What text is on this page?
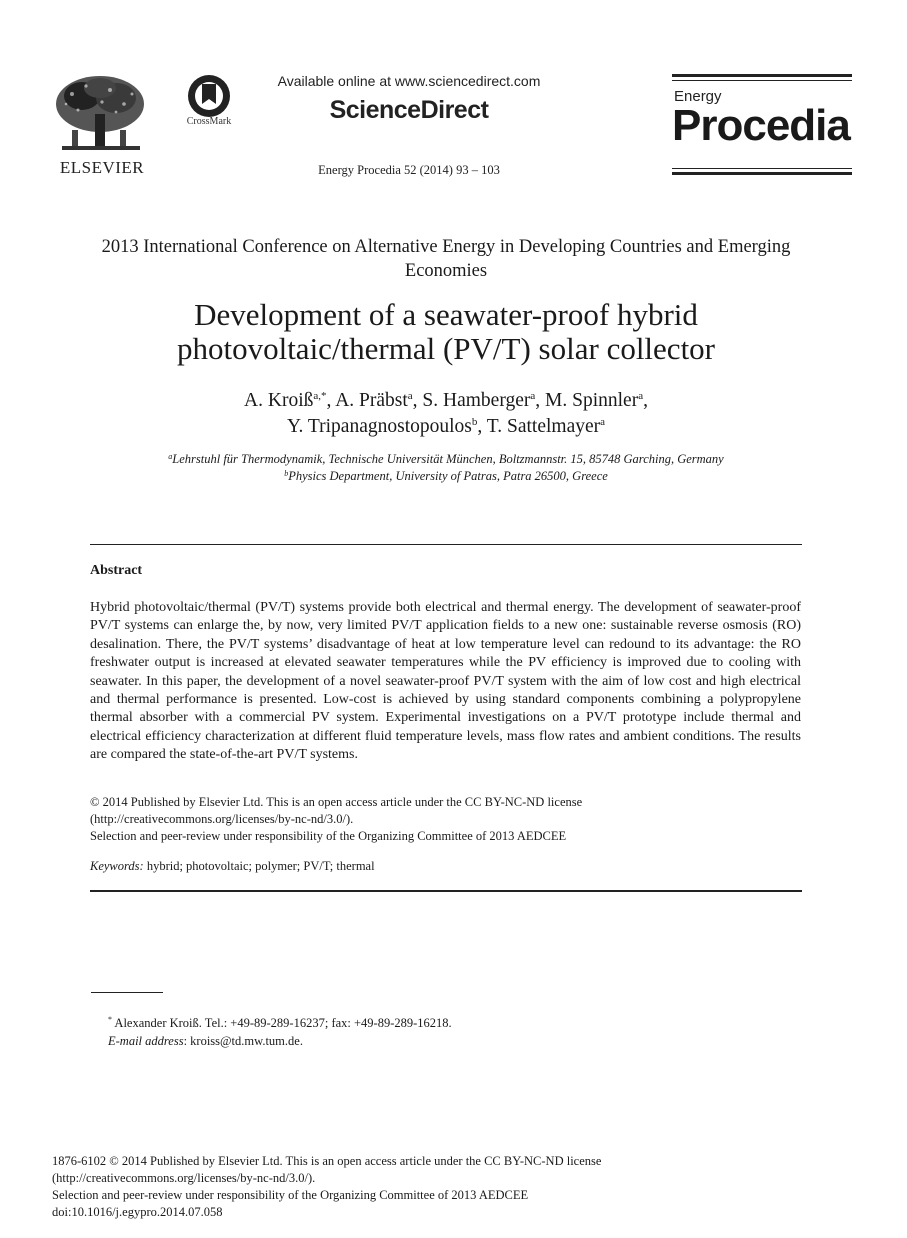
ELSEVIER
CrossMark
Available online at www.sciencedirect.com
ScienceDirect
Energy Procedia 52 (2014) 93 – 103
Energy
Procedia
2013 International Conference on Alternative Energy in Developing Countries and Emerging Economies
Development of a seawater-proof hybrid
photovoltaic/thermal (PV/T) solar collector
A. Kroiß$^{a,*}$, A. Präbst$^a$, S. Hamberger$^a$, M. Spinnler$^a$,
Y. Tripanagnostopoulos$^b$, T. Sattelmayer$^a$
$^a$Lehrstuhl für Thermodynamik, Technische Universität München, Boltzmannstr. 15, 85748 Garching, Germany
$^b$Physics Department, University of Patras, Patra 26500, Greece
Abstract
Hybrid photovoltaic/thermal (PV/T) systems provide both electrical and thermal energy. The development of seawater-proof PV/T systems can enlarge the, by now, very limited PV/T application fields to a new one: sustainable reverse osmosis (RO) desalination. There, the PV/T systems’ disadvantage of heat at low temperature level can redound to its advantage: the RO freshwater output is increased at elevated seawater temperatures while the PV efficiency is improved due to cooling with seawater. In this paper, the development of a novel seawater-proof PV/T system with the aim of low cost and high electrical and thermal performance is presented. Low-cost is achieved by using standard components combining a polypropylene thermal absorber with a commercial PV system. Experimental investigations on a PV/T prototype include thermal and electrical efficiency characterization at different fluid temperature levels, mass flow rates and ambient conditions. The results are compared the state-of-the-art PV/T systems.
© 2014 Published by Elsevier Ltd. This is an open access article under the CC BY-NC-ND license
(http://creativecommons.org/licenses/by-nc-nd/3.0/).
Selection and peer-review under responsibility of the Organizing Committee of 2013 AEDCEE
Keywords: hybrid; photovoltaic; polymer; PV/T; thermal
* Alexander Kroiß. Tel.: +49-89-289-16237; fax: +49-89-289-16218.
E-mail address: kroiss@td.mw.tum.de.
1876-6102 © 2014 Published by Elsevier Ltd. This is an open access article under the CC BY-NC-ND license
(http://creativecommons.org/licenses/by-nc-nd/3.0/).
Selection and peer-review under responsibility of the Organizing Committee of 2013 AEDCEE
doi:10.1016/j.egypro.2014.07.058
